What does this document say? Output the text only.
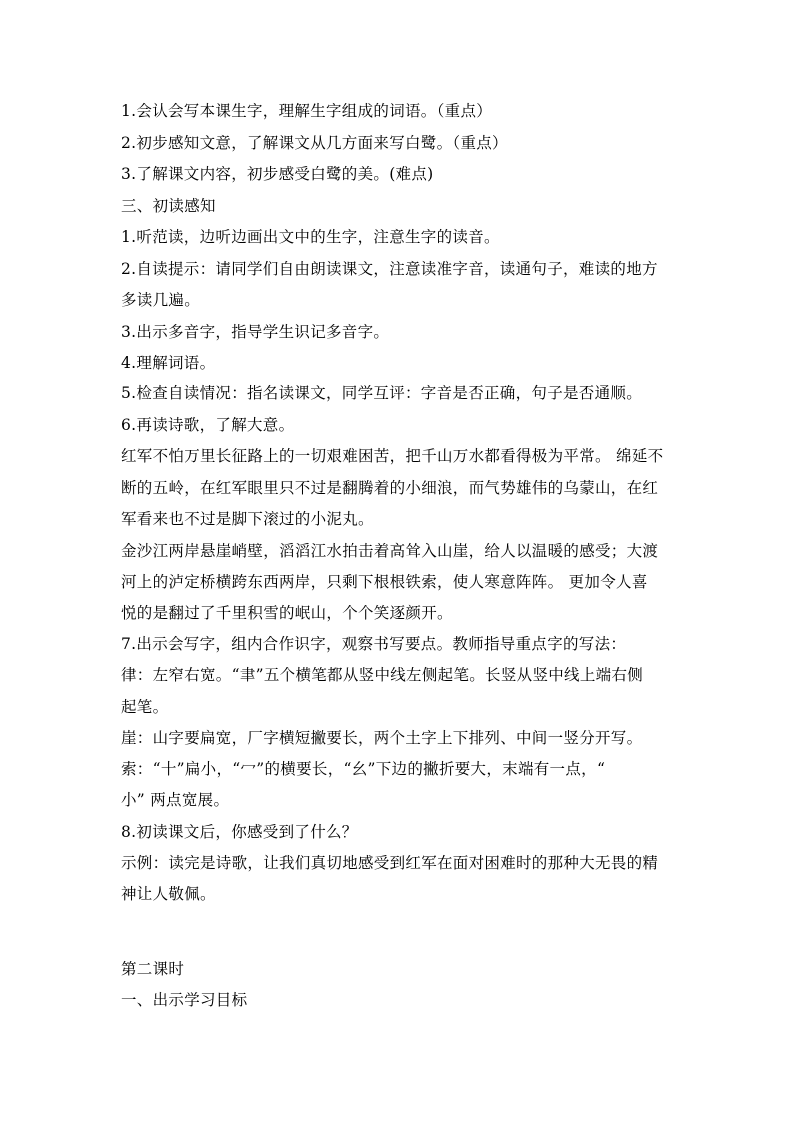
1.会认会写本课生字，理解生字组成的词语。（重点）
2.初步感知文意，了解课文从几方面来写白鹭。（重点）
3.了解课文内容，初步感受白鹭的美。(难点)
三、初读感知
1.听范读，边听边画出文中的生字，注意生字的读音。
2.自读提示：请同学们自由朗读课文，注意读准字音，读通句子，难读的地方
多读几遍。
3.出示多音字，指导学生识记多音字。
4.理解词语。
5.检查自读情况：指名读课文，同学互评：字音是否正确，句子是否通顺。
6.再读诗歌，了解大意。
红军不怕万里长征路上的一切艰难困苦，把千山万水都看得极为平常。 绵延不
断的五岭，在红军眼里只不过是翻腾着的小细浪，而气势雄伟的乌蒙山，在红
军看来也不过是脚下滚过的小泥丸。
金沙江两岸悬崖峭壁，滔滔江水拍击着高耸入山崖，给人以温暖的感受；大渡
河上的泸定桥横跨东西两岸，只剩下根根铁索，使人寒意阵阵。 更加令人喜
悦的是翻过了千里积雪的岷山，个个笑逐颜开。
7.出示会写字，组内合作识字，观察书写要点。教师指导重点字的写法：
律：左窄右宽。“聿”五个横笔都从竖中线左侧起笔。长竖从竖中线上端右侧
起笔。
崖：山字要扁宽，厂字横短撇要长，两个土字上下排列、中间一竖分开写。
索：“十”扁小，“冖”的横要长，“幺”下边的撇折要大，末端有一点，“
小” 两点宽展。
8.初读课文后，你感受到了什么？
示例：读完是诗歌，让我们真切地感受到红军在面对困难时的那种大无畏的精
神让人敬佩。
第二课时
一、出示学习目标
